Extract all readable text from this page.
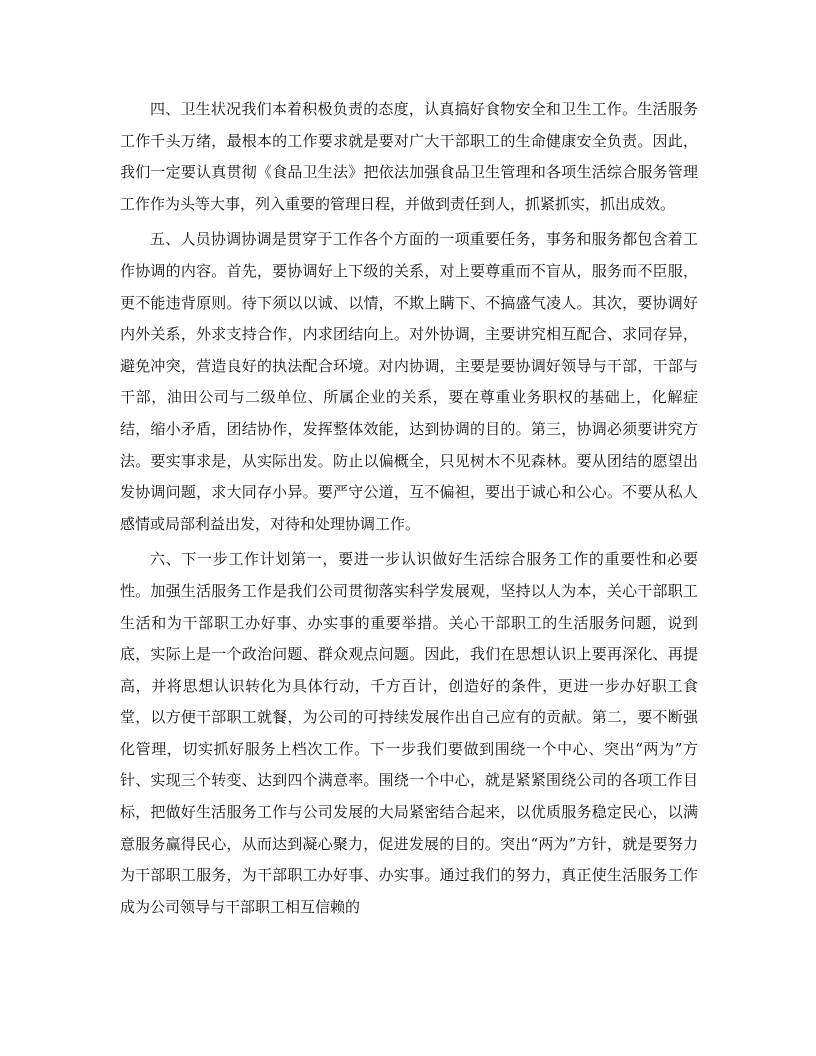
四、卫生状况我们本着积极负责的态度，认真搞好食物安全和卫生工作。生活服务工作千头万绪，最根本的工作要求就是要对广大干部职工的生命健康安全负责。因此，我们一定要认真贯彻《食品卫生法》把依法加强食品卫生管理和各项生活综合服务管理工作作为头等大事，列入重要的管理日程，并做到责任到人，抓紧抓实，抓出成效。

五、人员协调协调是贯穿于工作各个方面的一项重要任务，事务和服务都包含着工作协调的内容。首先，要协调好上下级的关系，对上要尊重而不盲从，服务而不臣服，更不能违背原则。待下须以以诚、以情，不欺上瞒下、不搞盛气凌人。其次，要协调好内外关系，外求支持合作，内求团结向上。对外协调，主要讲究相互配合、求同存异，避免冲突，营造良好的执法配合环境。对内协调，主要是要协调好领导与干部，干部与干部，油田公司与二级单位、所属企业的关系，要在尊重业务职权的基础上，化解症结，缩小矛盾，团结协作，发挥整体效能，达到协调的目的。第三，协调必须要讲究方法。要实事求是，从实际出发。防止以偏概全，只见树木不见森林。要从团结的愿望出发协调问题，求大同存小异。要严守公道，互不偏袒，要出于诚心和公心。不要从私人感情或局部利益出发，对待和处理协调工作。

六、下一步工作计划第一，要进一步认识做好生活综合服务工作的重要性和必要性。加强生活服务工作是我们公司贯彻落实科学发展观，坚持以人为本，关心干部职工生活和为干部职工办好事、办实事的重要举措。关心干部职工的生活服务问题，说到底，实际上是一个政治问题、群众观点问题。因此，我们在思想认识上要再深化、再提高，并将思想认识转化为具体行动，千方百计，创造好的条件，更进一步办好职工食堂，以方便干部职工就餐，为公司的可持续发展作出自己应有的贡献。第二，要不断强化管理，切实抓好服务上档次工作。下一步我们要做到围绕一个中心、突出“两为”方针、实现三个转变、达到四个满意率。围绕一个中心，就是紧紧围绕公司的各项工作目标，把做好生活服务工作与公司发展的大局紧密结合起来，以优质服务稳定民心，以满意服务赢得民心，从而达到凝心聚力，促进发展的目的。突出“两为”方针，就是要努力为干部职工服务，为干部职工办好事、办实事。通过我们的努力，真正使生活服务工作成为公司领导与干部职工相互信赖的
